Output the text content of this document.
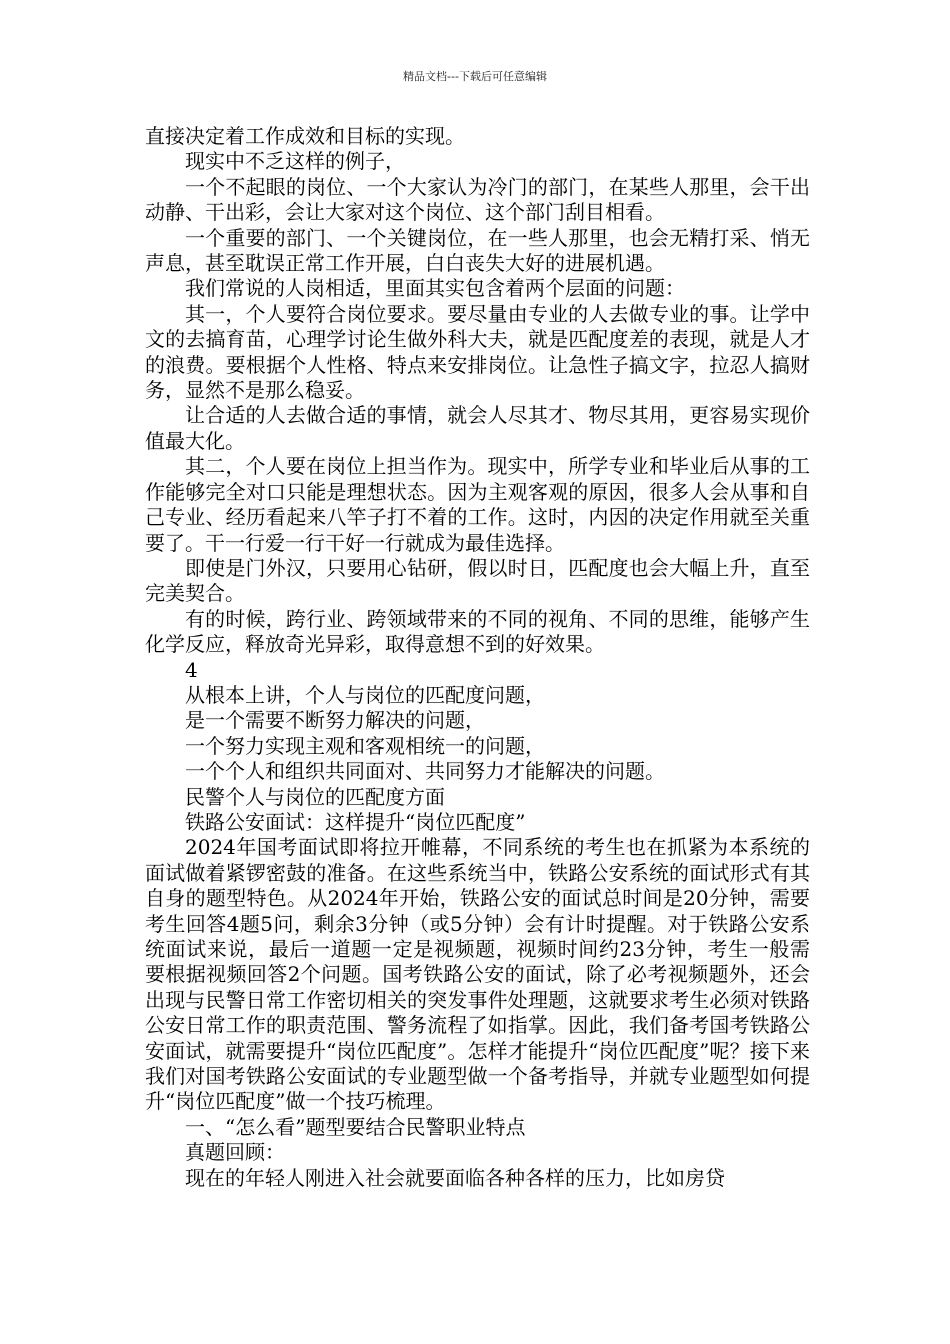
精品文档---下载后可任意编辑

直接决定着工作成效和目标的实现。

现实中不乏这样的例子，

一个不起眼的岗位、一个大家认为冷门的部门，在某些人那里，会干出动静、干出彩，会让大家对这个岗位、这个部门刮目相看。

一个重要的部门、一个关键岗位，在一些人那里，也会无精打采、悄无声息，甚至耽误正常工作开展，白白丧失大好的进展机遇。

我们常说的人岗相适，里面其实包含着两个层面的问题：

其一，个人要符合岗位要求。要尽量由专业的人去做专业的事。让学中文的去搞育苗，心理学讨论生做外科大夫，就是匹配度差的表现，就是人才的浪费。要根据个人性格、特点来安排岗位。让急性子搞文字，拉忍人搞财务，显然不是那么稳妥。

让合适的人去做合适的事情，就会人尽其才、物尽其用，更容易实现价值最大化。

其二，个人要在岗位上担当作为。现实中，所学专业和毕业后从事的工作能够完全对口只能是理想状态。因为主观客观的原因，很多人会从事和自己专业、经历看起来八竿子打不着的工作。这时，内因的决定作用就至关重要了。干一行爱一行干好一行就成为最佳选择。

即使是门外汉，只要用心钻研，假以时日，匹配度也会大幅上升，直至完美契合。

有的时候，跨行业、跨领域带来的不同的视角、不同的思维，能够产生化学反应，释放奇光异彩，取得意想不到的好效果。

4

从根本上讲，个人与岗位的匹配度问题，

是一个需要不断努力解决的问题，

一个努力实现主观和客观相统一的问题，

一个个人和组织共同面对、共同努力才能解决的问题。

民警个人与岗位的匹配度方面

铁路公安面试：这样提升“岗位匹配度”

2024年国考面试即将拉开帷幕，不同系统的考生也在抓紧为本系统的面试做着紧锣密鼓的准备。在这些系统当中，铁路公安系统的面试形式有其自身的题型特色。从2024年开始，铁路公安的面试总时间是20分钟，需要考生回答4题5问，剩余3分钟（或5分钟）会有计时提醒。对于铁路公安系统面试来说，最后一道题一定是视频题，视频时间约23分钟，考生一般需要根据视频回答2个问题。国考铁路公安的面试，除了必考视频题外，还会出现与民警日常工作密切相关的突发事件处理题，这就要求考生必须对铁路公安日常工作的职责范围、警务流程了如指掌。因此，我们备考国考铁路公安面试，就需要提升“岗位匹配度”。怎样才能提升“岗位匹配度”呢？接下来我们对国考铁路公安面试的专业题型做一个备考指导，并就专业题型如何提升“岗位匹配度”做一个技巧梳理。

一、“怎么看”题型要结合民警职业特点

真题回顾：

现在的年轻人刚进入社会就要面临各种各样的压力，比如房贷
